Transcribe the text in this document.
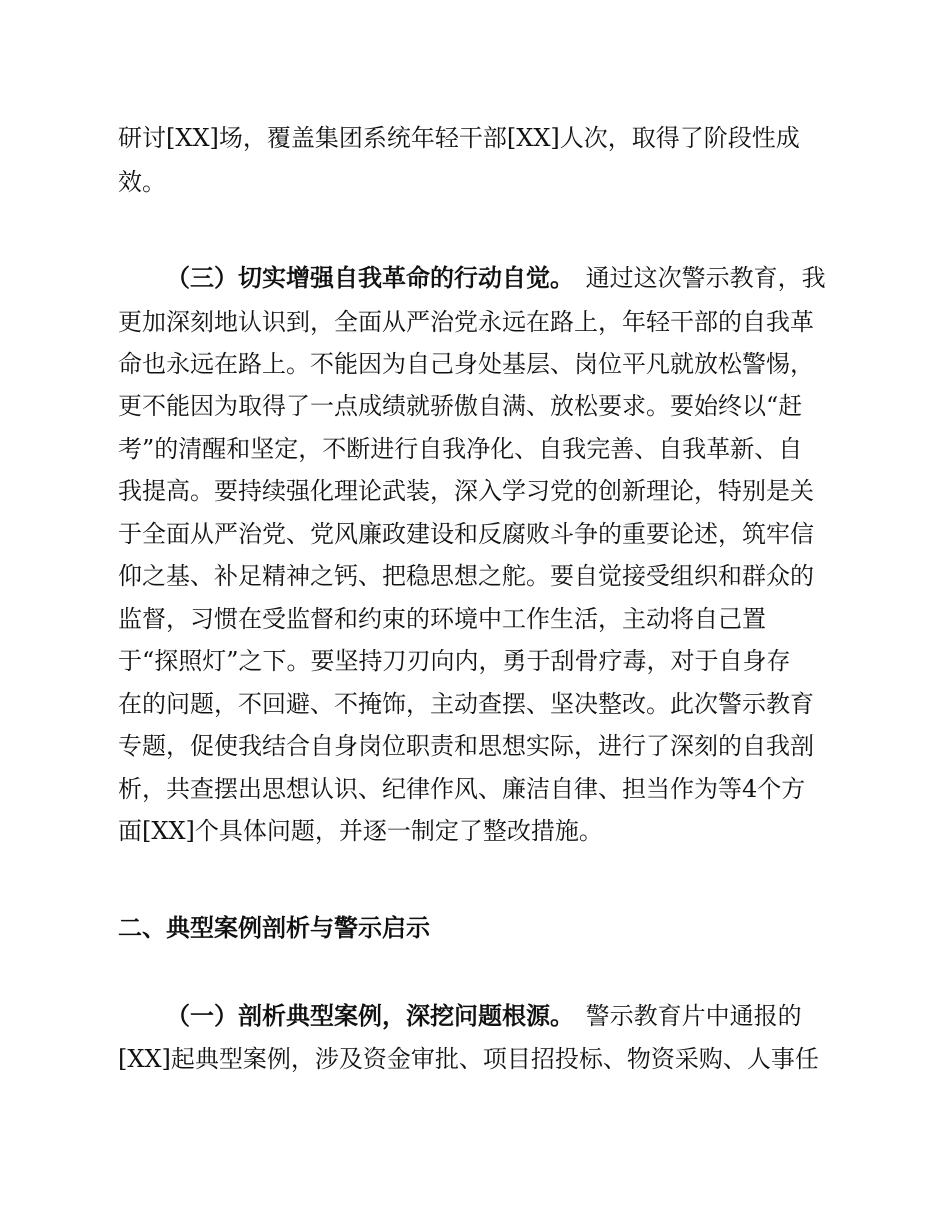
研讨[XX]场，覆盖集团系统年轻干部[XX]人次，取得了阶段性成
效。
（三）切实增强自我革命的行动自觉。 通过这次警示教育，我
更加深刻地认识到，全面从严治党永远在路上，年轻干部的自我革
命也永远在路上。不能因为自己身处基层、岗位平凡就放松警惕，
更不能因为取得了一点成绩就骄傲自满、放松要求。要始终以“赶
考”的清醒和坚定，不断进行自我净化、自我完善、自我革新、自
我提高。要持续强化理论武装，深入学习党的创新理论，特别是关
于全面从严治党、党风廉政建设和反腐败斗争的重要论述，筑牢信
仰之基、补足精神之钙、把稳思想之舵。要自觉接受组织和群众的
监督，习惯在受监督和约束的环境中工作生活，主动将自己置
于“探照灯”之下。要坚持刀刃向内，勇于刮骨疗毒，对于自身存
在的问题，不回避、不掩饰，主动查摆、坚决整改。此次警示教育
专题，促使我结合自身岗位职责和思想实际，进行了深刻的自我剖
析，共查摆出思想认识、纪律作风、廉洁自律、担当作为等4个方
面[XX]个具体问题，并逐一制定了整改措施。
二、典型案例剖析与警示启示
（一）剖析典型案例，深挖问题根源。 警示教育片中通报的
[XX]起典型案例，涉及资金审批、项目招投标、物资采购、人事任
